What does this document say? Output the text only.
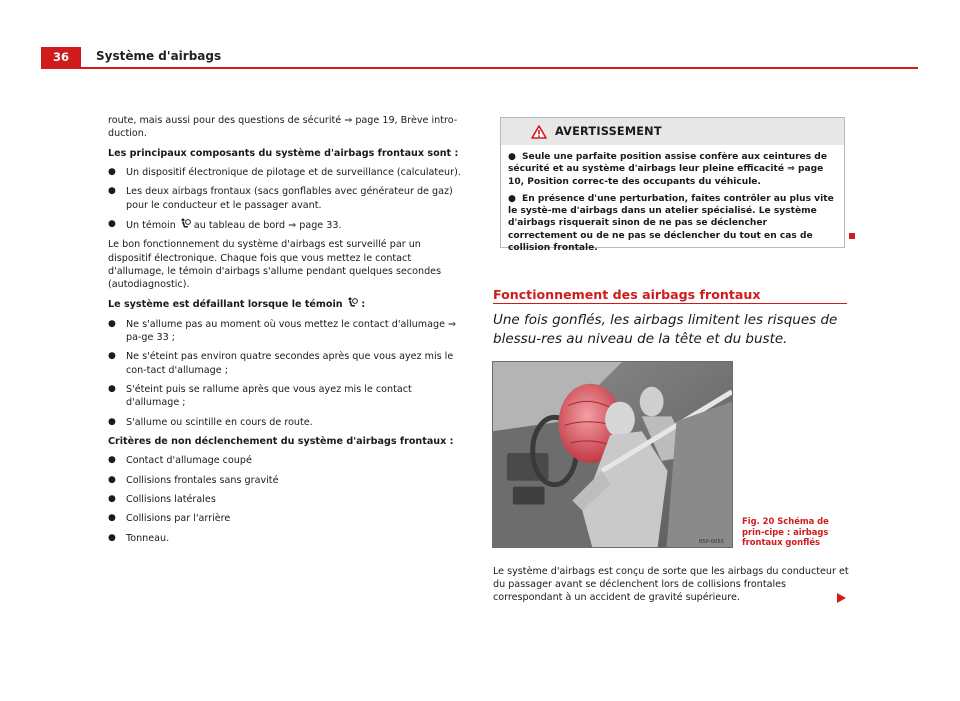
36	Système d'airbags

route, mais aussi pour des questions de sécurité ⇒ page 19, Brève intro-duction.

Les principaux composants du système d'airbags frontaux sont :

●	Un dispositif électronique de pilotage et de surveillance (calculateur).
●	Les deux airbags frontaux (sacs gonflables avec générateur de gaz) pour le conducteur et le passager avant.
●	Un témoin au tableau de bord ⇒ page 33.

Le bon fonctionnement du système d'airbags est surveillé par un dispositif électronique. Chaque fois que vous mettez le contact d'allumage, le témoin d'airbags s'allume pendant quelques secondes (autodiagnostic).

Le système est défaillant lorsque le témoin :

●	Ne s'allume pas au moment où vous mettez le contact d'allumage ⇒ pa-ge 33 ;
●	Ne s'éteint pas environ quatre secondes après que vous ayez mis le con-tact d'allumage ;
●	S'éteint puis se rallume après que vous ayez mis le contact d'allumage ;
●	S'allume ou scintille en cours de route.

Critères de non déclenchement du système d'airbags frontaux :

●	Contact d'allumage coupé
●	Collisions frontales sans gravité
●	Collisions latérales
●	Collisions par l'arrière
●	Tonneau.
AVERTISSEMENT

● Seule une parfaite position assise confère aux ceintures de sécurité et au système d'airbags leur pleine efficacité ⇒ page 10, Position correc-te des occupants du véhicule.

● En présence d'une perturbation, faites contrôler au plus vite le systè-me d'airbags dans un atelier spécialisé. Le système d'airbags risquerait sinon de ne pas se déclencher correctement ou de ne pas se déclencher du tout en cas de collision frontale.

Fonctionnement des airbags frontaux
Une fois gonflés, les airbags limitent les risques de blessu-res au niveau de la tête et du buste.
B5P-0055
Fig. 20 Schéma de prin-cipe : airbags frontaux gonflés
Le système d'airbags est conçu de sorte que les airbags du conducteur et du passager avant se déclenchent lors de collisions frontales correspondant à un accident de gravité supérieure.
